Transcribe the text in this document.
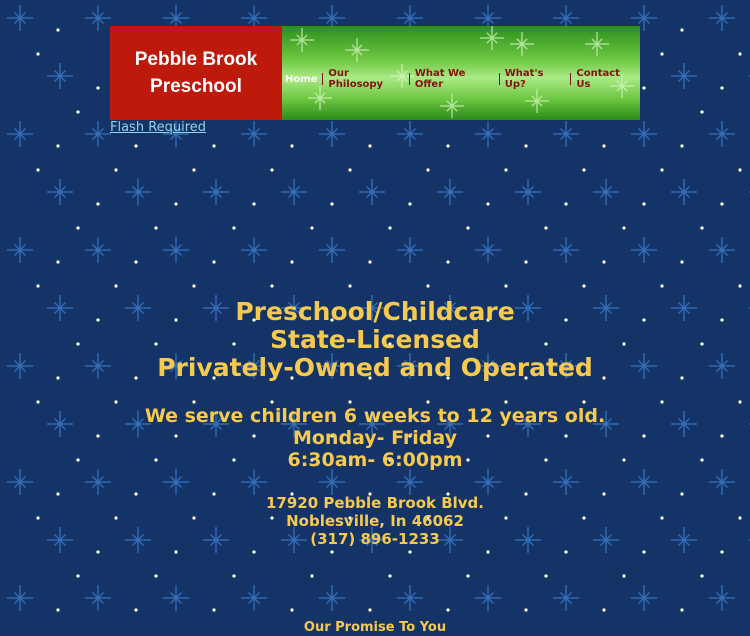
Pebble Brook
Preschool	Home	Our Philosopy
What We Offer
What's Up?
Contact Us
Flash Required
Preschool/Childcare
State-Licensed
Privately-Owned and Operated
We serve children 6 weeks to 12 years old.
Monday- Friday
6:30am- 6:00pm
17920 Pebble Brook Blvd.
Noblesville, In 46062
(317) 896-1233
Our Promise To You
